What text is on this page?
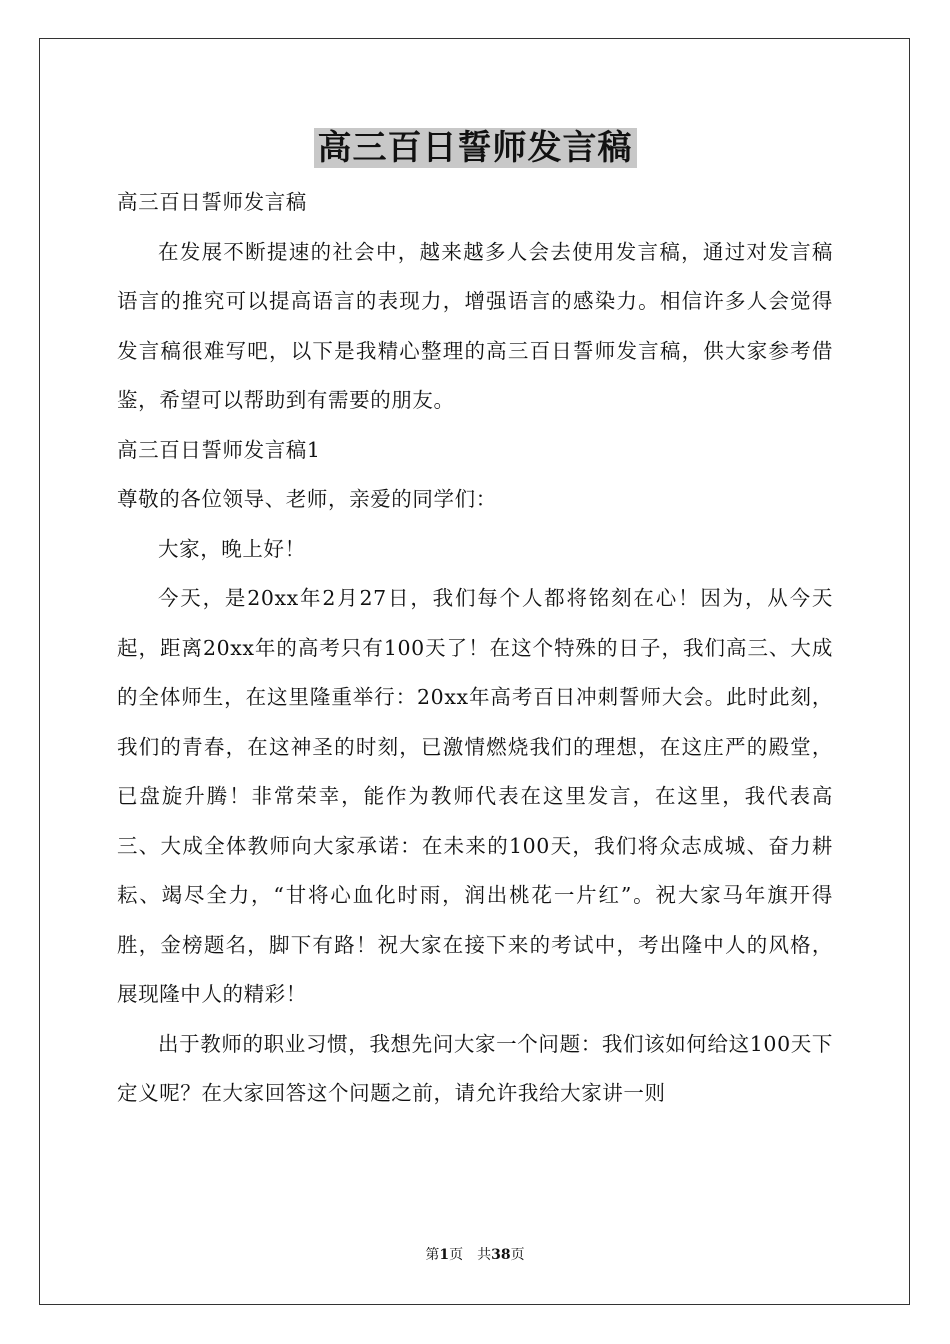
高三百日誓师发言稿

高三百日誓师发言稿

在发展不断提速的社会中，越来越多人会去使用发言稿，通过对发言稿语言的推究可以提高语言的表现力，增强语言的感染力。相信许多人会觉得发言稿很难写吧，以下是我精心整理的高三百日誓师发言稿，供大家参考借鉴，希望可以帮助到有需要的朋友。

高三百日誓师发言稿1

尊敬的各位领导、老师，亲爱的同学们：

大家，晚上好！

今天，是20xx年2月27日，我们每个人都将铭刻在心！因为，从今天起，距离20xx年的高考只有100天了！在这个特殊的日子，我们高三、大成的全体师生，在这里隆重举行：20xx年高考百日冲刺誓师大会。此时此刻，我们的青春，在这神圣的时刻，已激情燃烧我们的理想，在这庄严的殿堂，已盘旋升腾！非常荣幸，能作为教师代表在这里发言，在这里，我代表高三、大成全体教师向大家承诺：在未来的100天，我们将众志成城、奋力耕耘、竭尽全力，“甘将心血化时雨，润出桃花一片红”。祝大家马年旗开得胜，金榜题名，脚下有路！祝大家在接下来的考试中，考出隆中人的风格，展现隆中人的精彩！

出于教师的职业习惯，我想先问大家一个问题：我们该如何给这100天下定义呢？在大家回答这个问题之前，请允许我给大家讲一则

第1页 共38页
